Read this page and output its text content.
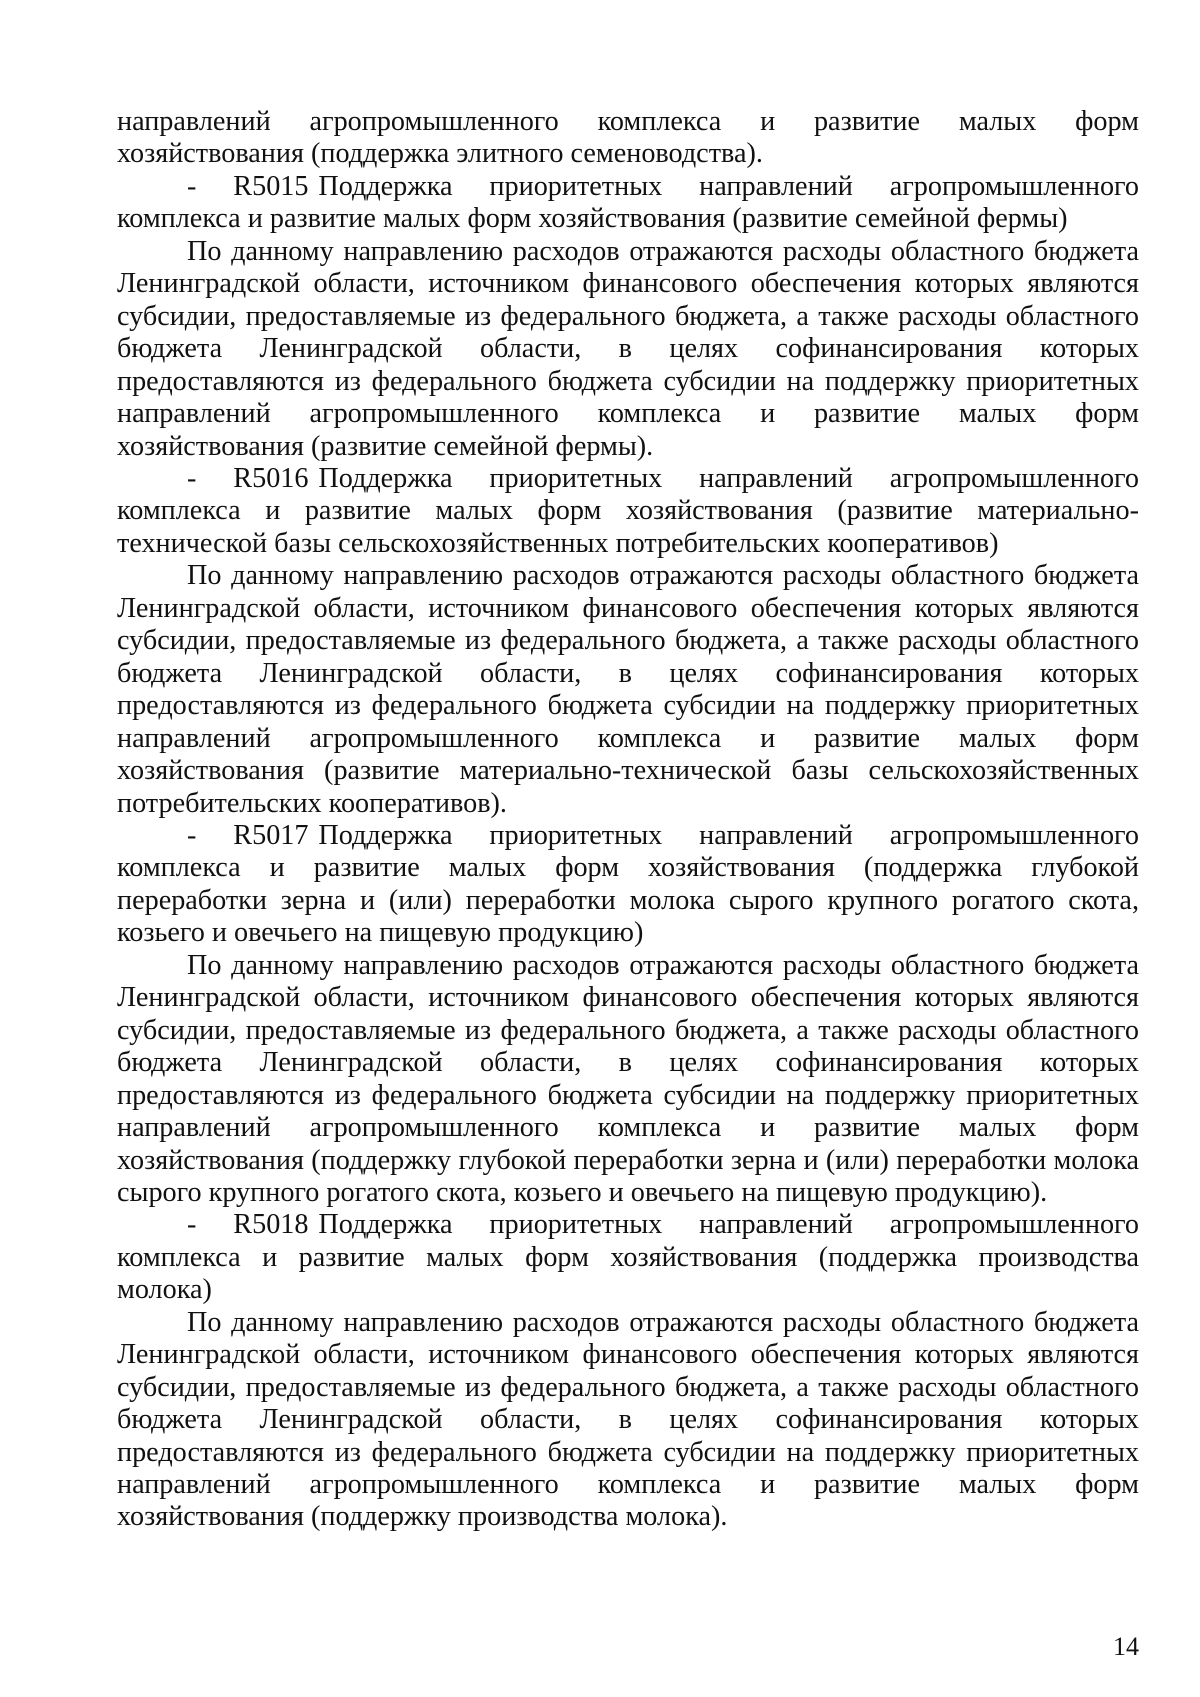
направлений агропромышленного комплекса и развитие малых форм хозяйствования (поддержка элитного семеноводства).

- R5015 Поддержка приоритетных направлений агропромышленного комплекса и развитие малых форм хозяйствования (развитие семейной фермы)

По данному направлению расходов отражаются расходы областного бюджета Ленинградской области, источником финансового обеспечения которых являются субсидии, предоставляемые из федерального бюджета, а также расходы областного бюджета Ленинградской области, в целях софинансирования которых предоставляются из федерального бюджета субсидии на поддержку приоритетных направлений агропромышленного комплекса и развитие малых форм хозяйствования (развитие семейной фермы).

- R5016 Поддержка приоритетных направлений агропромышленного комплекса и развитие малых форм хозяйствования (развитие материально-технической базы сельскохозяйственных потребительских кооперативов)

По данному направлению расходов отражаются расходы областного бюджета Ленинградской области, источником финансового обеспечения которых являются субсидии, предоставляемые из федерального бюджета, а также расходы областного бюджета Ленинградской области, в целях софинансирования которых предоставляются из федерального бюджета субсидии на поддержку приоритетных направлений агропромышленного комплекса и развитие малых форм хозяйствования (развитие материально-технической базы сельскохозяйственных потребительских кооперативов).

- R5017 Поддержка приоритетных направлений агропромышленного комплекса и развитие малых форм хозяйствования (поддержка глубокой переработки зерна и (или) переработки молока сырого крупного рогатого скота, козьего и овечьего на пищевую продукцию)

По данному направлению расходов отражаются расходы областного бюджета Ленинградской области, источником финансового обеспечения которых являются субсидии, предоставляемые из федерального бюджета, а также расходы областного бюджета Ленинградской области, в целях софинансирования которых предоставляются из федерального бюджета субсидии на поддержку приоритетных направлений агропромышленного комплекса и развитие малых форм хозяйствования (поддержку глубокой переработки зерна и (или) переработки молока сырого крупного рогатого скота, козьего и овечьего на пищевую продукцию).

- R5018 Поддержка приоритетных направлений агропромышленного комплекса и развитие малых форм хозяйствования (поддержка производства молока)

По данному направлению расходов отражаются расходы областного бюджета Ленинградской области, источником финансового обеспечения которых являются субсидии, предоставляемые из федерального бюджета, а также расходы областного бюджета Ленинградской области, в целях софинансирования которых предоставляются из федерального бюджета субсидии на поддержку приоритетных направлений агропромышленного комплекса и развитие малых форм хозяйствования (поддержку производства молока).

14
